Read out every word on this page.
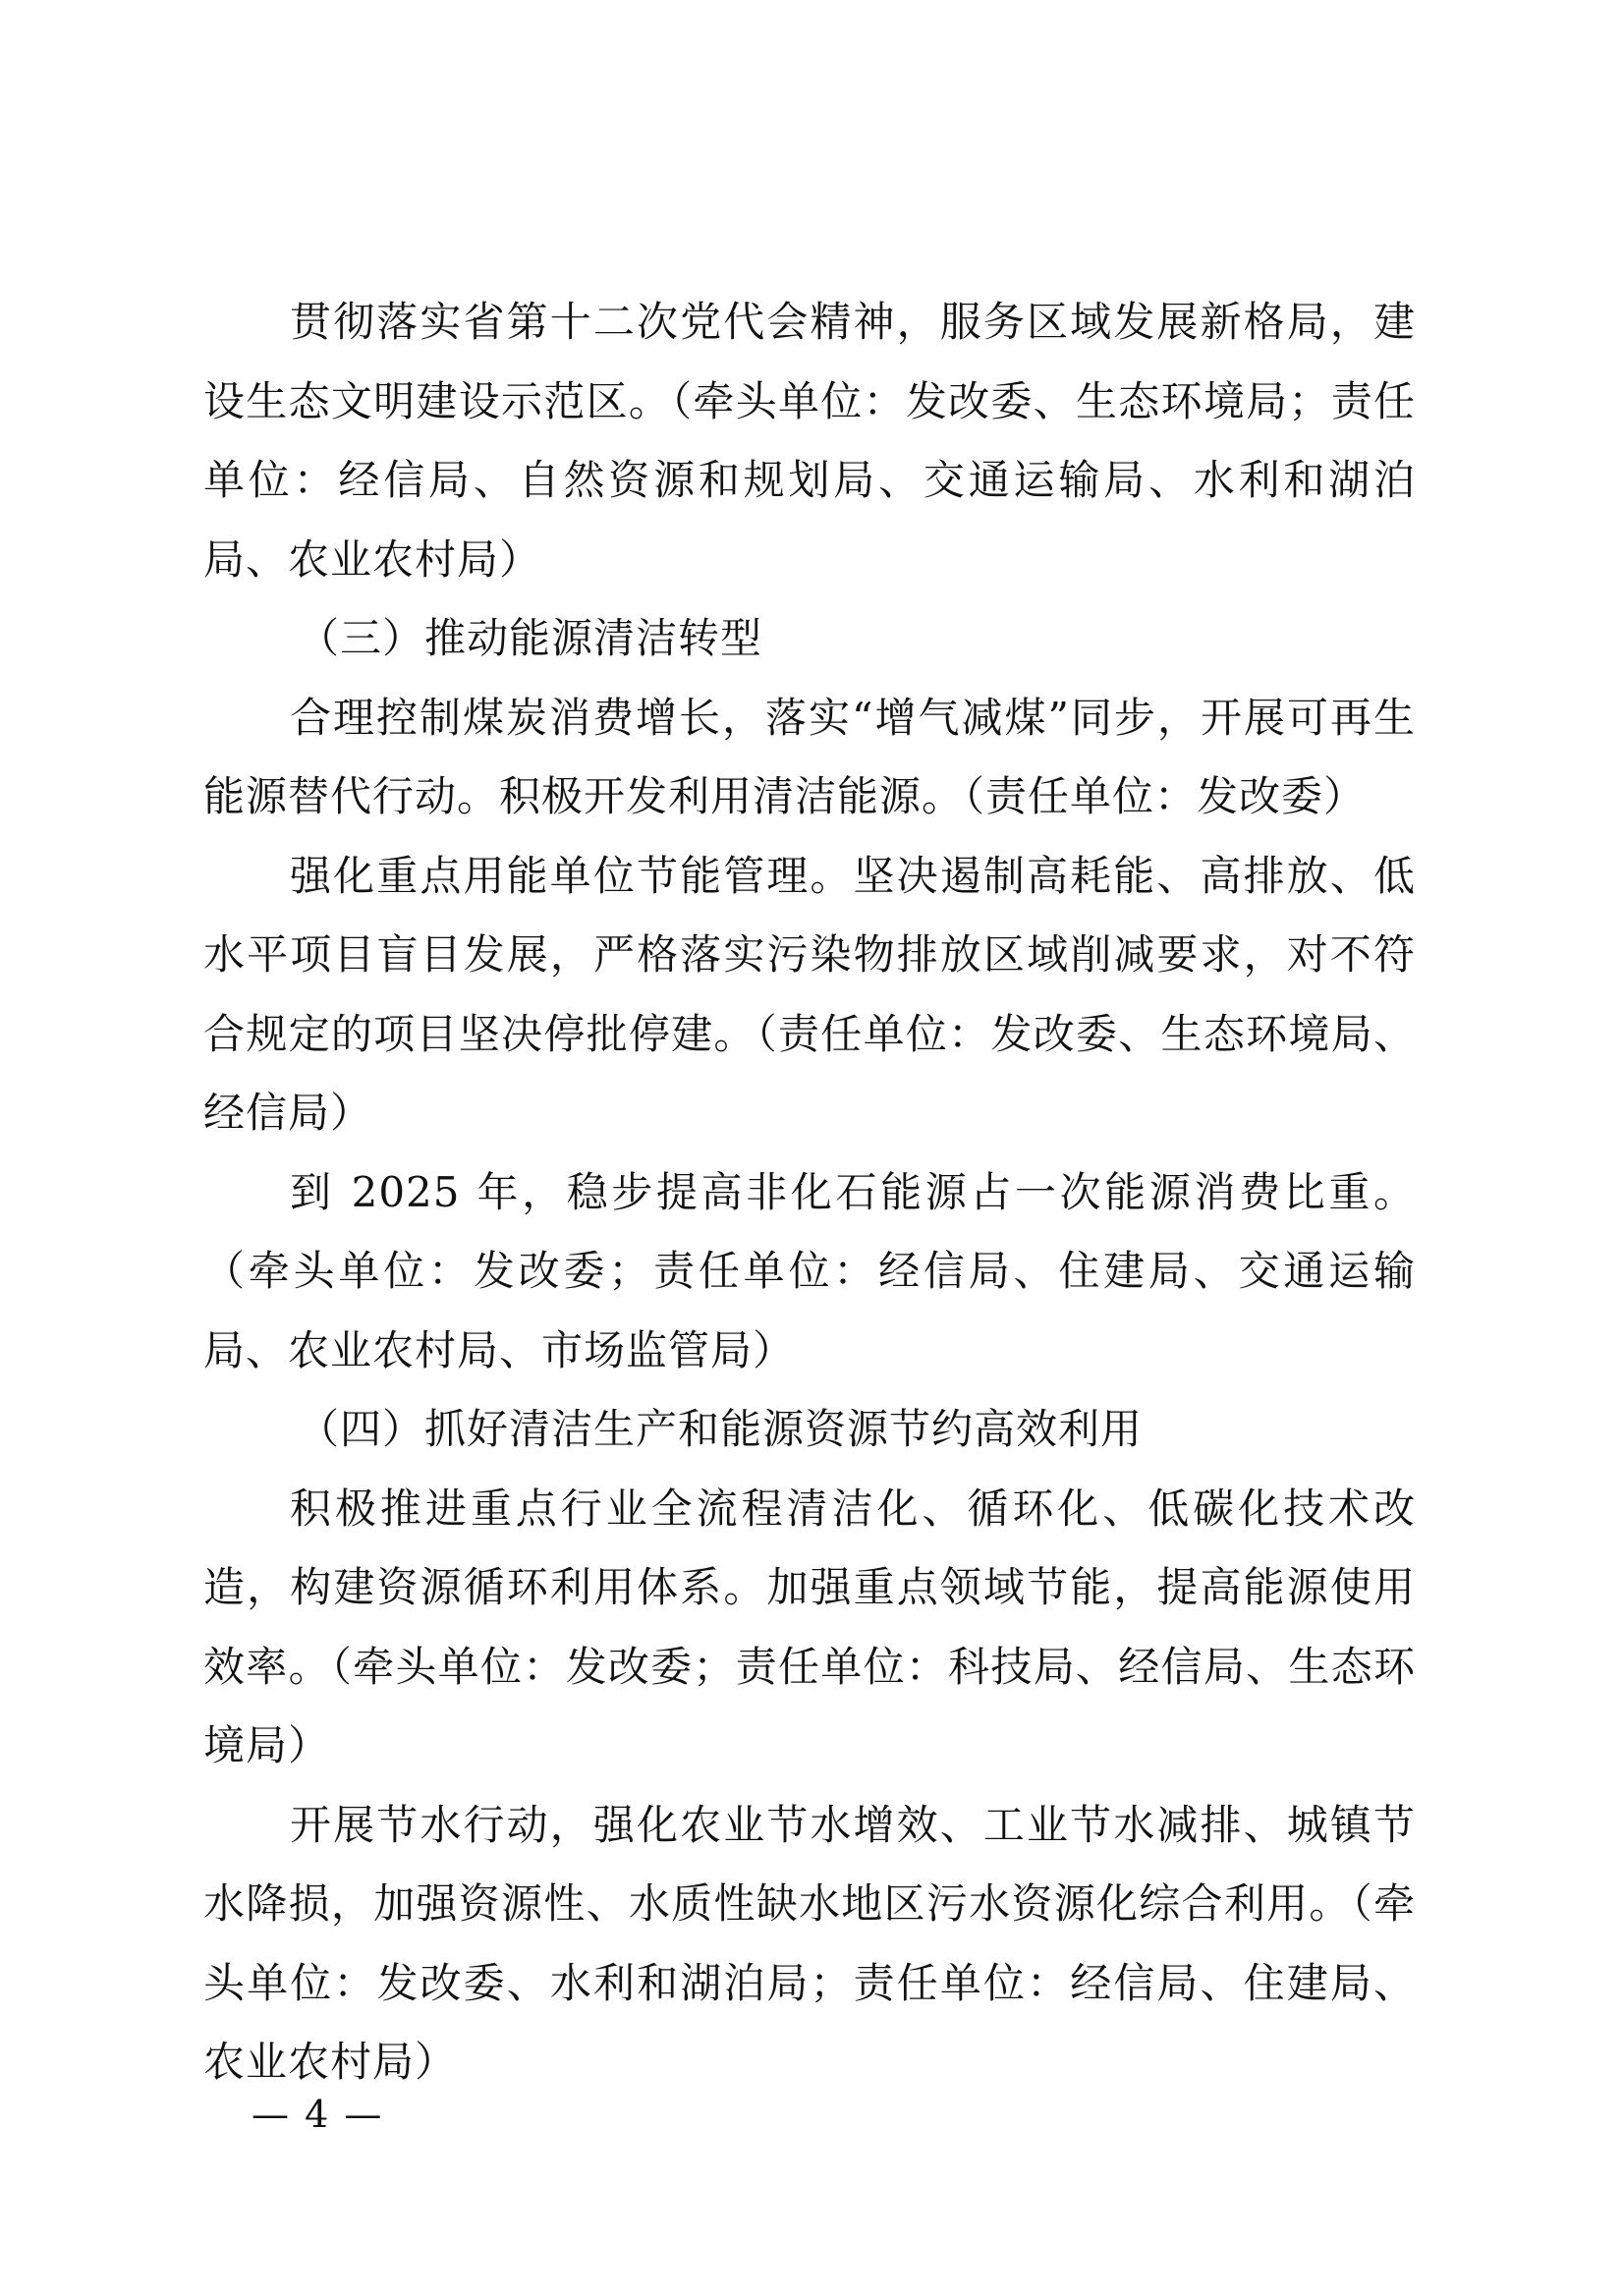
贯彻落实省第十二次党代会精神，服务区域发展新格局，建设生态文明建设示范区。（牵头单位：发改委、生态环境局；责任单位：经信局、自然资源和规划局、交通运输局、水利和湖泊局、农业农村局）

（三）推动能源清洁转型

合理控制煤炭消费增长，落实“增气减煤”同步，开展可再生能源替代行动。积极开发利用清洁能源。（责任单位：发改委）

强化重点用能单位节能管理。坚决遏制高耗能、高排放、低水平项目盲目发展，严格落实污染物排放区域削减要求，对不符合规定的项目坚决停批停建。（责任单位：发改委、生态环境局、经信局）

到 2025 年，稳步提高非化石能源占一次能源消费比重。（牵头单位：发改委；责任单位：经信局、住建局、交通运输局、农业农村局、市场监管局）

（四）抓好清洁生产和能源资源节约高效利用

积极推进重点行业全流程清洁化、循环化、低碳化技术改造，构建资源循环利用体系。加强重点领域节能，提高能源使用效率。（牵头单位：发改委；责任单位：科技局、经信局、生态环境局）

开展节水行动，强化农业节水增效、工业节水减排、城镇节水降损，加强资源性、水质性缺水地区污水资源化综合利用。（牵头单位：发改委、水利和湖泊局；责任单位：经信局、住建局、农业农村局）

— 4 —
